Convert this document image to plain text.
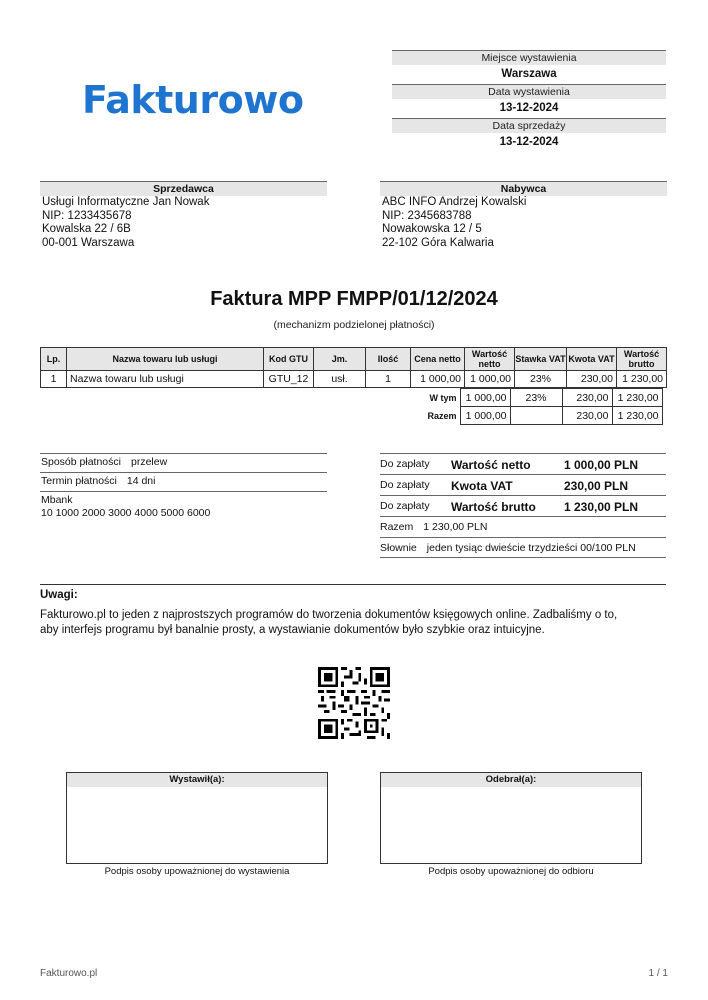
Fakturowo
Miejsce wystawienia
Warszawa
Data wystawienia
13-12-2024
Data sprzedaży
13-12-2024
Sprzedawca
Usługi Informatyczne Jan Nowak
NIP: 1233435678
Kowalska 22 / 6B
00-001 Warszawa
Nabywca
ABC INFO Andrzej Kowalski
NIP: 2345683788
Nowakowska 12 / 5
22-102 Góra Kalwaria
Faktura MPP FMPP/01/12/2024
(mechanizm podzielonej płatności)
Lp.	Nazwa towaru lub usługi	Kod GTU	Jm.	Ilość	Cena netto	Wartość netto	Stawka VAT	Kwota VAT	Wartość brutto
1	Nazwa towaru lub usługi	GTU_12	usł.	1	1 000,00	1 000,00	23%	230,00	1 230,00
	W tym	1 000,00	23%	230,00	1 230,00
	Razem	1 000,00		230,00	1 230,00
Sposób płatności przelew
Termin płatności 14 dni
Mbank
10 1000 2000 3000 4000 5000 6000
Do zapłaty Wartość netto	1 000,00 PLN
Do zapłaty Kwota VAT	230,00 PLN
Do zapłaty Wartość brutto 1 230,00 PLN
Razem 1 230,00 PLN
Słownie jeden tysiąc dwieście trzydzieści 00/100 PLN
Uwagi:
Fakturowo.pl to jeden z najprostszych programów do tworzenia dokumentów księgowych online. Zadbaliśmy o to,
aby interfejs programu był banalnie prosty, a wystawianie dokumentów było szybkie oraz intuicyjne.
Wystawił(a):
Podpis osoby upoważnionej do wystawienia
Odebrał(a):
Podpis osoby upoważnionej do odbioru
Fakturowo.pl	1 / 1
